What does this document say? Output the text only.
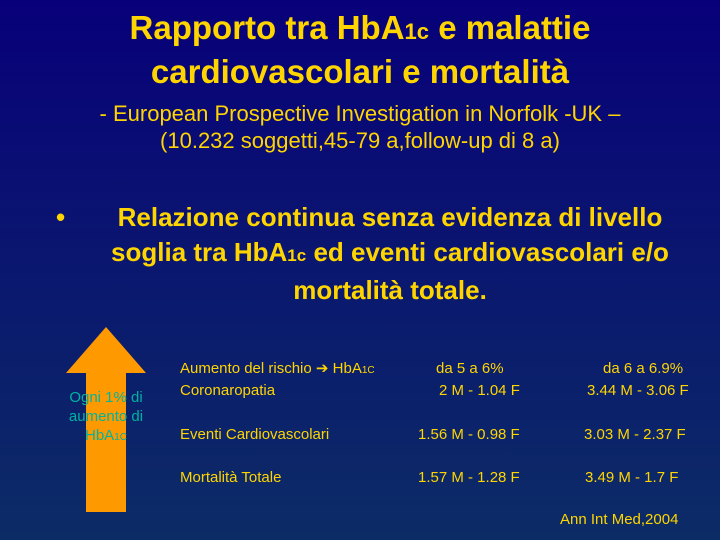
Rapporto tra HbA1c e malattie
cardiovascolari e mortalità
- European Prospective Investigation in Norfolk -UK –
(10.232 soggetti,45-79 a,follow-up di 8 a)
•	Relazione continua senza evidenza di livello soglia tra HbA1c ed eventi cardiovascolari e/o mortalità totale.
Ogni 1% di aumento di HbA1C
Aumento del rischio ➔ HbA1C	da 5 a 6%	da 6 a 6.9%
Coronaropatia	2 M - 1.04 F	3.44 M - 3.06 F
Eventi Cardiovascolari	1.56 M - 0.98 F	3.03 M - 2.37 F
Mortalità Totale	1.57 M - 1.28 F	3.49 M - 1.7 F
Ann Int Med,2004
